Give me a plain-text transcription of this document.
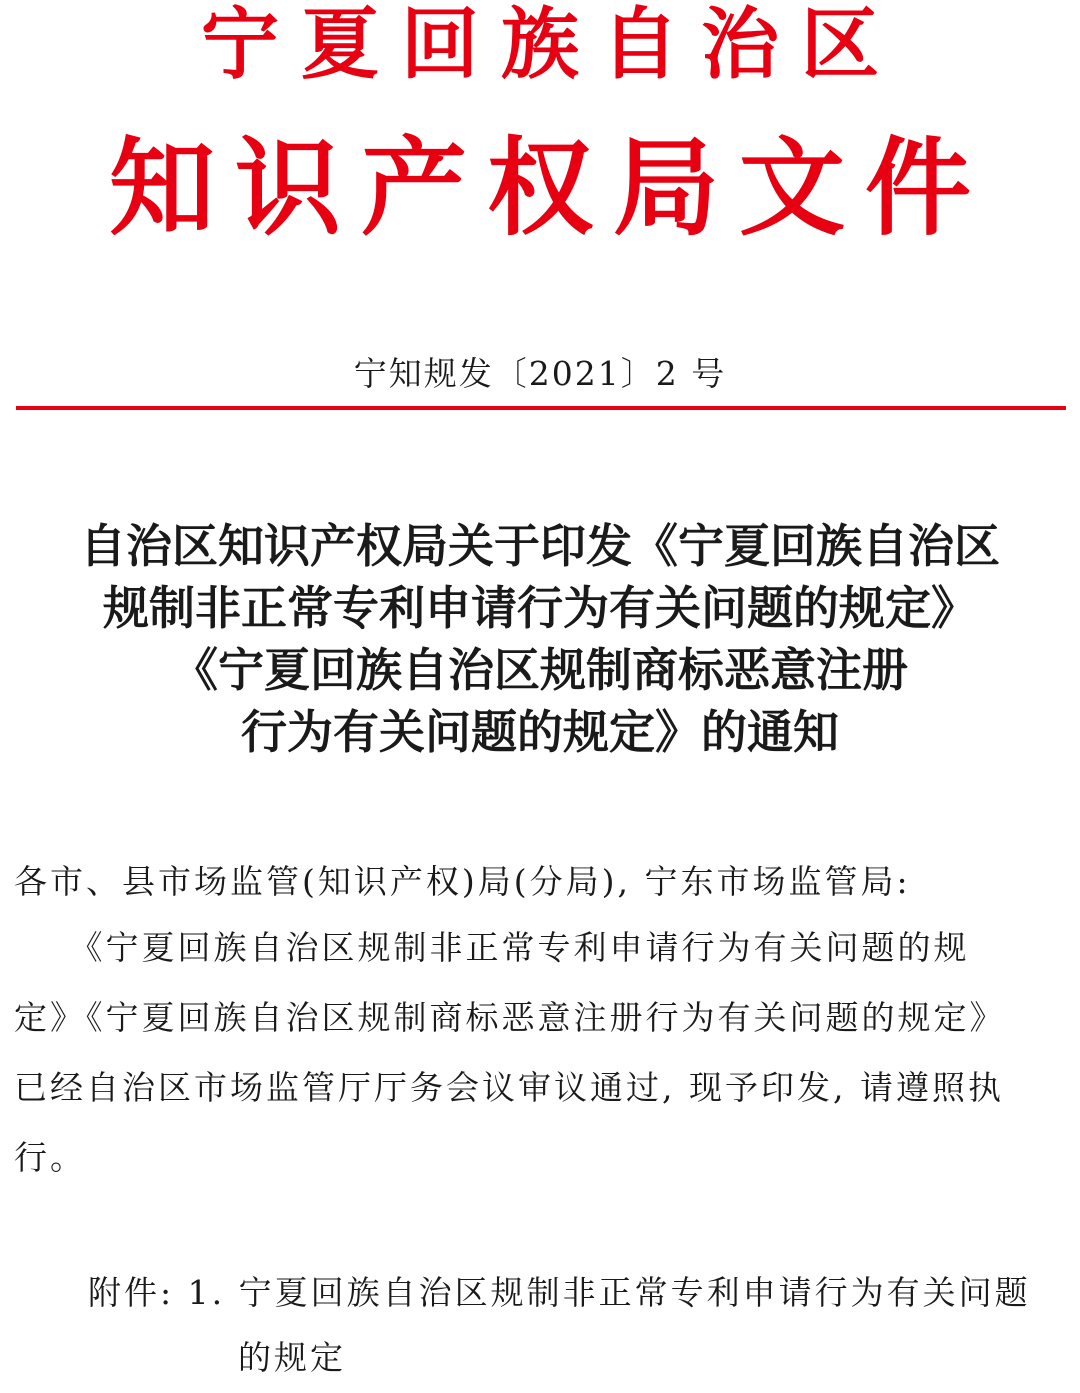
宁夏回族自治区
知识产权局文件
宁知规发〔2021〕2 号
自治区知识产权局关于印发《宁夏回族自治区
规制非正常专利申请行为有关问题的规定》
《宁夏回族自治区规制商标恶意注册
行为有关问题的规定》的通知
各市、县市场监管(知识产权)局(分局), 宁东市场监管局:
　　《宁夏回族自治区规制非正常专利申请行为有关问题的规
定》《宁夏回族自治区规制商标恶意注册行为有关问题的规定》
已经自治区市场监管厅厅务会议审议通过, 现予印发, 请遵照执
行。
附件: 1. 宁夏回族自治区规制非正常专利申请行为有关问题
的规定
